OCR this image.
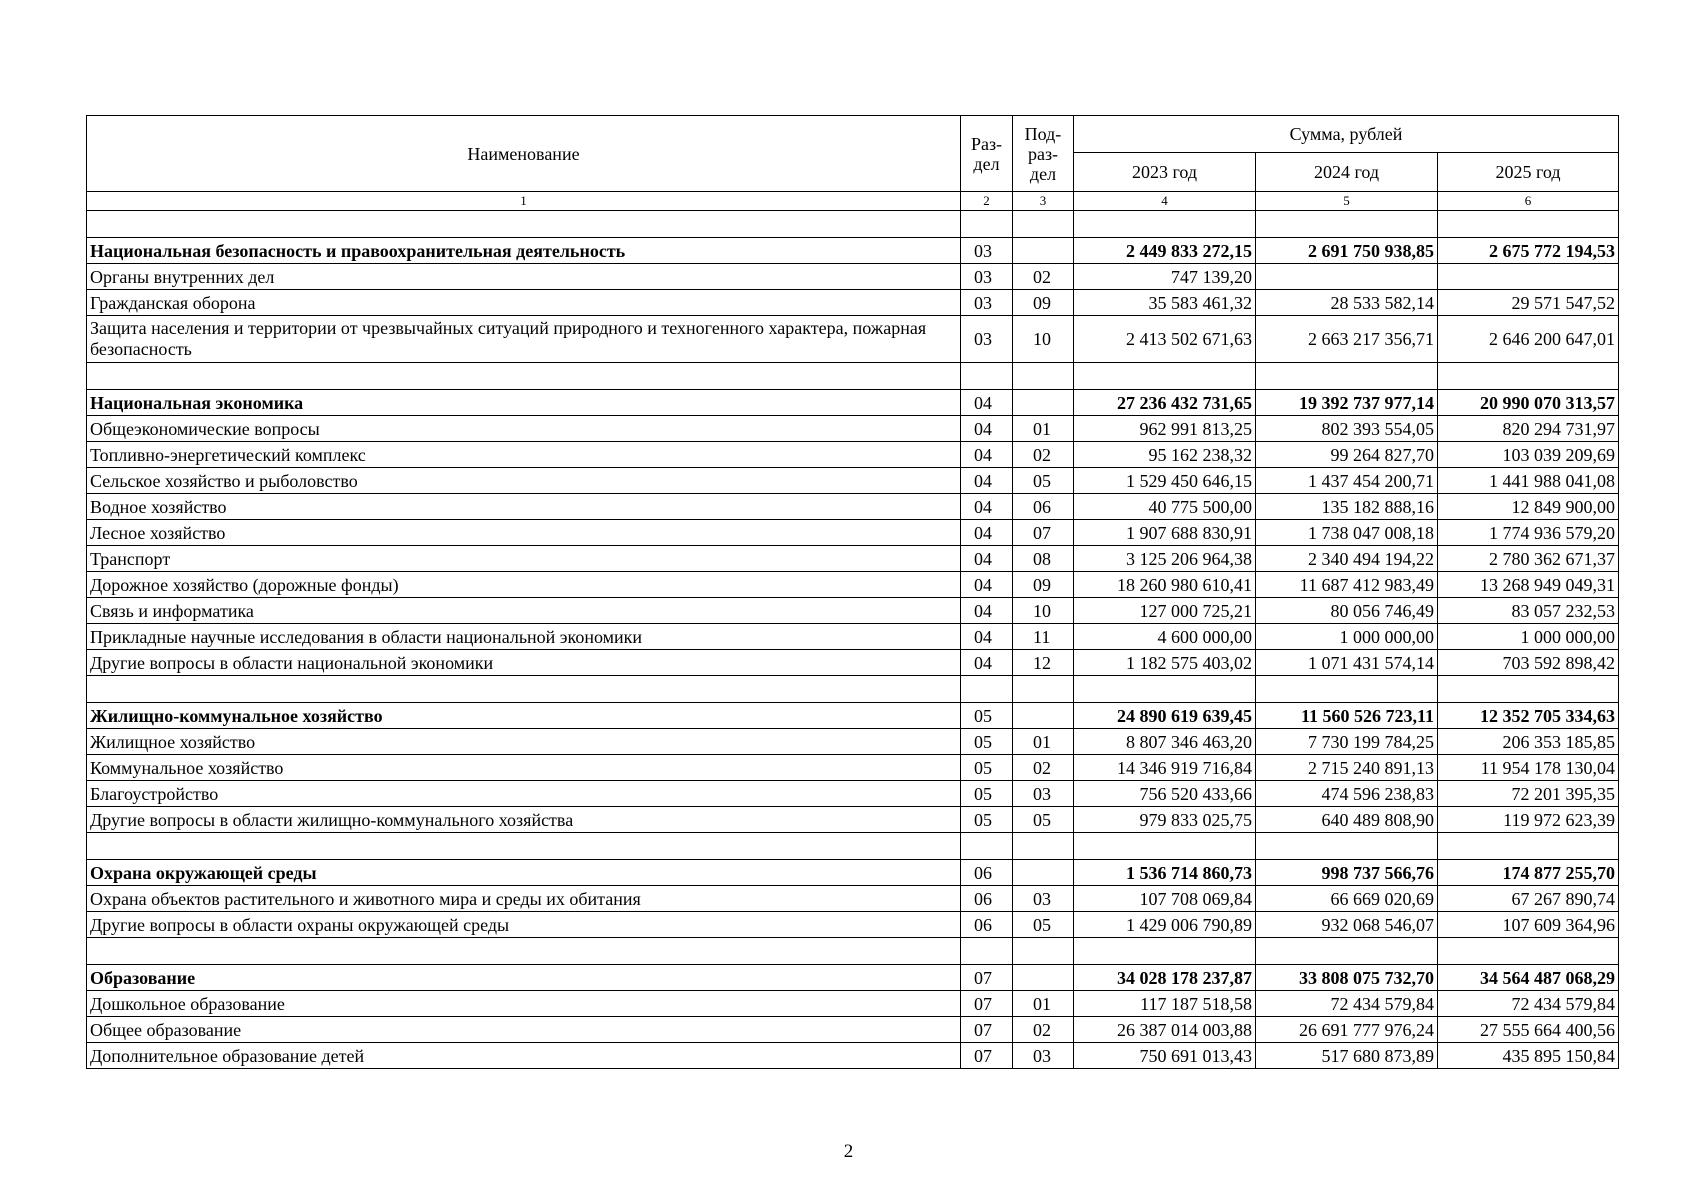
Наименование	Раз-дел	Под-раз-дел	Сумма, рублей		
			2023 год	2024 год	2025 год
1	2	3	4	5	6

Национальная безопасность и правоохранительная деятельность	03		2 449 833 272,15	2 691 750 938,85	2 675 772 194,53
Органы внутренних дел	03	02	747 139,20		
Гражданская оборона	03	09	35 583 461,32	28 533 582,14	29 571 547,52
Защита населения и территории от чрезвычайных ситуаций природного и техногенного характера, пожарная безопасность	03	10	2 413 502 671,63	2 663 217 356,71	2 646 200 647,01

Национальная экономика	04		27 236 432 731,65	19 392 737 977,14	20 990 070 313,57
Общеэкономические вопросы	04	01	962 991 813,25	802 393 554,05	820 294 731,97
Топливно-энергетический комплекс	04	02	95 162 238,32	99 264 827,70	103 039 209,69
Сельское хозяйство и рыболовство	04	05	1 529 450 646,15	1 437 454 200,71	1 441 988 041,08
Водное хозяйство	04	06	40 775 500,00	135 182 888,16	12 849 900,00
Лесное хозяйство	04	07	1 907 688 830,91	1 738 047 008,18	1 774 936 579,20
Транспорт	04	08	3 125 206 964,38	2 340 494 194,22	2 780 362 671,37
Дорожное хозяйство (дорожные фонды)	04	09	18 260 980 610,41	11 687 412 983,49	13 268 949 049,31
Связь и информатика	04	10	127 000 725,21	80 056 746,49	83 057 232,53
Прикладные научные исследования в области национальной экономики	04	11	4 600 000,00	1 000 000,00	1 000 000,00
Другие вопросы в области национальной экономики	04	12	1 182 575 403,02	1 071 431 574,14	703 592 898,42

Жилищно-коммунальное хозяйство	05		24 890 619 639,45	11 560 526 723,11	12 352 705 334,63
Жилищное хозяйство	05	01	8 807 346 463,20	7 730 199 784,25	206 353 185,85
Коммунальное хозяйство	05	02	14 346 919 716,84	2 715 240 891,13	11 954 178 130,04
Благоустройство	05	03	756 520 433,66	474 596 238,83	72 201 395,35
Другие вопросы в области жилищно-коммунального хозяйства	05	05	979 833 025,75	640 489 808,90	119 972 623,39

Охрана окружающей среды	06		1 536 714 860,73	998 737 566,76	174 877 255,70
Охрана объектов растительного и животного мира и среды их обитания	06	03	107 708 069,84	66 669 020,69	67 267 890,74
Другие вопросы в области охраны окружающей среды	06	05	1 429 006 790,89	932 068 546,07	107 609 364,96

Образование	07		34 028 178 237,87	33 808 075 732,70	34 564 487 068,29
Дошкольное образование	07	01	117 187 518,58	72 434 579,84	72 434 579,84
Общее образование	07	02	26 387 014 003,88	26 691 777 976,24	27 555 664 400,56
Дополнительное образование детей	07	03	750 691 013,43	517 680 873,89	435 895 150,84
2
